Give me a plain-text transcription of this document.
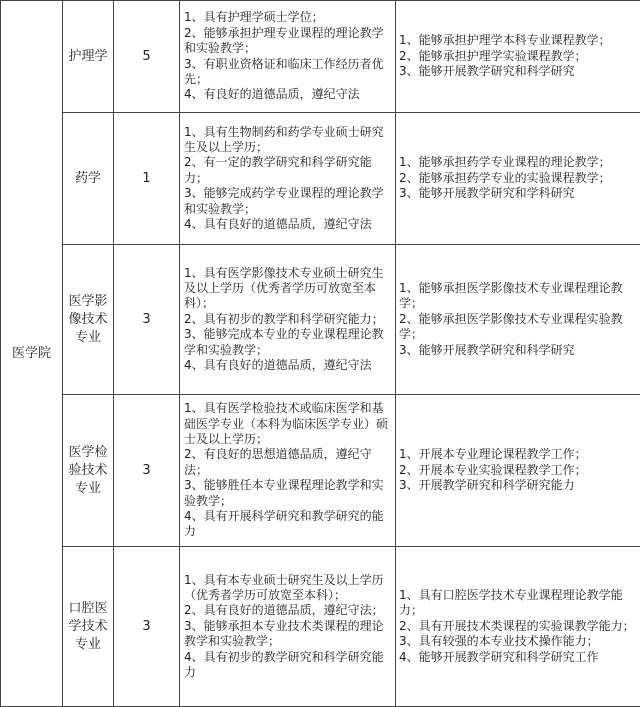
医学院	护理学	5	1、具有护理学硕士学位；
2、能够承担护理专业课程的理论教学和实验教学；
3、有职业资格证和临床工作经历者优先；
4、有良好的道德品质，遵纪守法	1、能够承担护理学本科专业课程教学；
2、能够承担护理学实验课程教学；
3、能够开展教学研究和科学研究

	药学	1	1、具有生物制药和药学专业硕士研究生及以上学历；
2、有一定的教学研究和科学研究能力；
3、能够完成药学专业课程的理论教学和实验教学；
4、具有良好的道德品质，遵纪守法	1、能够承担药学专业课程的理论教学；
2、能够承担药学专业的实验课程教学；
3、能够开展教学研究和学科研究

	医学影像技术专业	3	1、具有医学影像技术专业硕士研究生及以上学历（优秀者学历可放宽至本科）；
2、具有初步的教学和科学研究能力；
3、能够完成本专业的专业课程理论教学和实验教学；
4、具有良好的道德品质，遵纪守法	1、能够承担医学影像技术专业课程理论教学；
2、能够承担医学影像技术专业课程实验教学；
3、能够开展教学研究和科学研究

	医学检验技术专业	3	1、具有医学检验技术或临床医学和基础医学专业（本科为临床医学专业）硕士及以上学历；
2、有良好的思想道德品质，遵纪守法；
3、能够胜任本专业课程理论教学和实验教学；
4、具有开展科学研究和教学研究的能力	1、开展本专业理论课程教学工作；
2、开展本专业实验课程教学工作；
3、开展教学研究和科学研究能力

	口腔医学技术专业	3	1、具有本专业硕士研究生及以上学历（优秀者学历可放宽至本科）；
2、具有良好的道德品质，遵纪守法；
3、能够承担本专业技术类课程的理论教学和实验教学；
4、具有初步的教学研究和科学研究能力	1、具有口腔医学技术专业课程理论教学能力；
2、具有开展技术类课程的实验课教学能力；
3、具有较强的本专业技术操作能力；
4、能够开展教学研究和科学研究工作
